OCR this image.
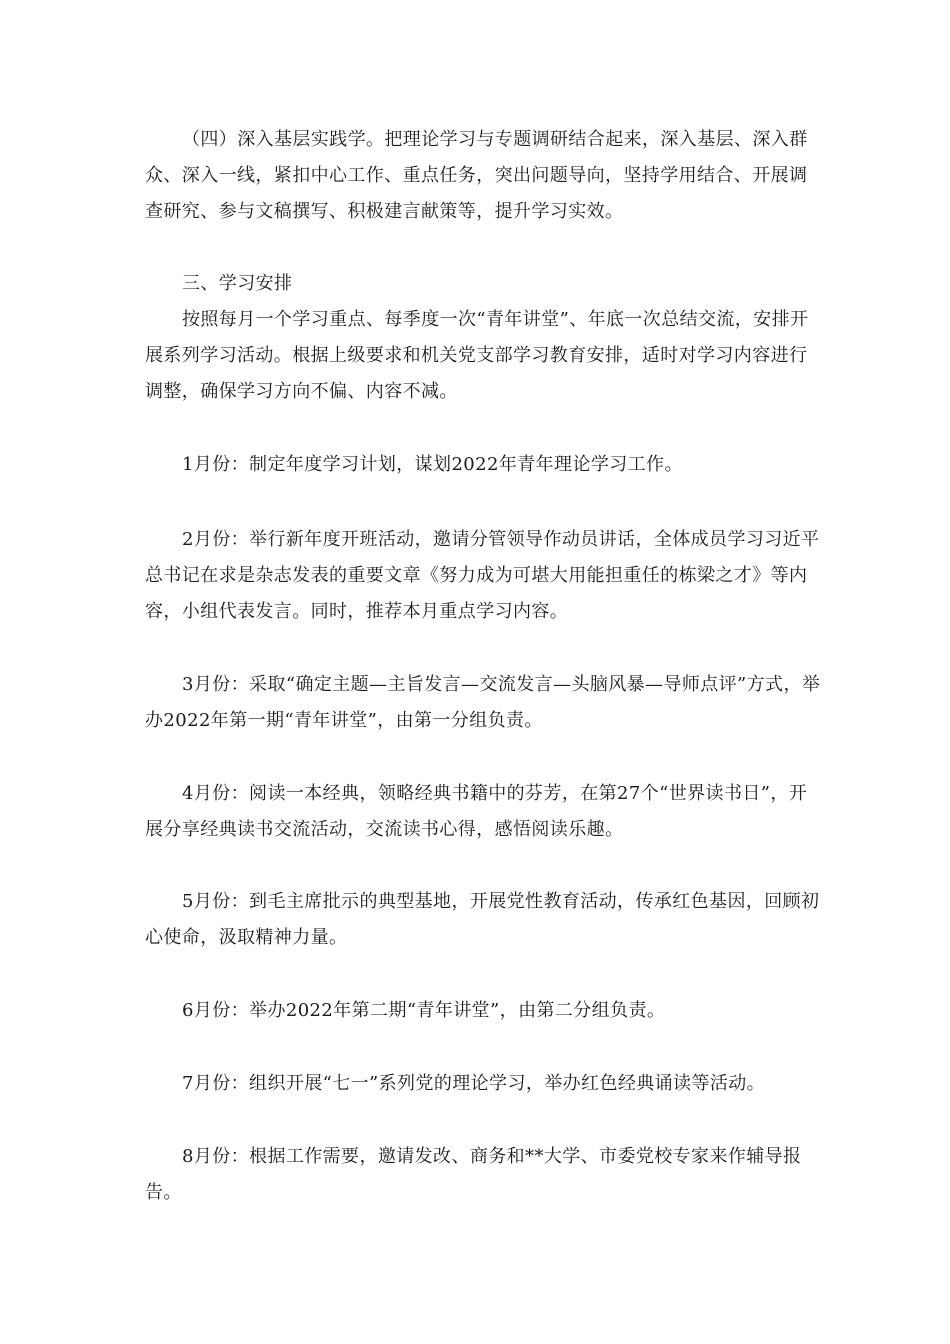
（四）深入基层实践学。把理论学习与专题调研结合起来，深入基层、深入群众、深入一线，紧扣中心工作、重点任务，突出问题导向，坚持学用结合、开展调查研究、参与文稿撰写、积极建言献策等，提升学习实效。

三、学习安排

按照每月一个学习重点、每季度一次“青年讲堂”、年底一次总结交流，安排开展系列学习活动。根据上级要求和机关党支部学习教育安排，适时对学习内容进行调整，确保学习方向不偏、内容不减。

1月份：制定年度学习计划，谋划2022年青年理论学习工作。

2月份：举行新年度开班活动，邀请分管领导作动员讲话，全体成员学习习近平总书记在求是杂志发表的重要文章《努力成为可堪大用能担重任的栋梁之才》等内容，小组代表发言。同时，推荐本月重点学习内容。

3月份：采取“确定主题—主旨发言—交流发言—头脑风暴—导师点评”方式，举办2022年第一期“青年讲堂”，由第一分组负责。

4月份：阅读一本经典，领略经典书籍中的芬芳，在第27个“世界读书日”，开展分享经典读书交流活动，交流读书心得，感悟阅读乐趣。

5月份：到毛主席批示的典型基地，开展党性教育活动，传承红色基因，回顾初心使命，汲取精神力量。

6月份：举办2022年第二期“青年讲堂”，由第二分组负责。

7月份：组织开展“七一”系列党的理论学习，举办红色经典诵读等活动。

8月份：根据工作需要，邀请发改、商务和**大学、市委党校专家来作辅导报告。
